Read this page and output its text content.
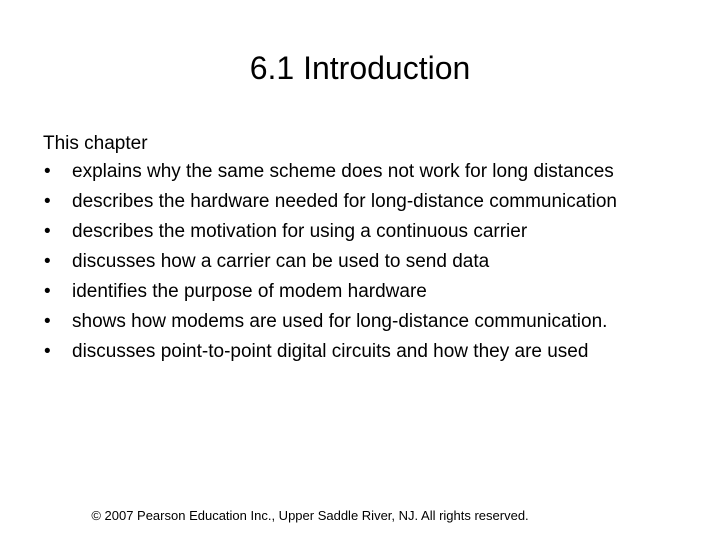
6.1 Introduction
This chapter
•	explains why the same scheme does not work for long distances
•	describes the hardware needed for long-distance communication
•	describes the motivation for using a continuous carrier
•	discusses how a carrier can be used to send data
•	identifies the purpose of modem hardware
•	shows how modems are used for long-distance communication.
•	discusses point-to-point digital circuits and how they are used
© 2007 Pearson Education Inc., Upper Saddle River, NJ. All rights reserved.
